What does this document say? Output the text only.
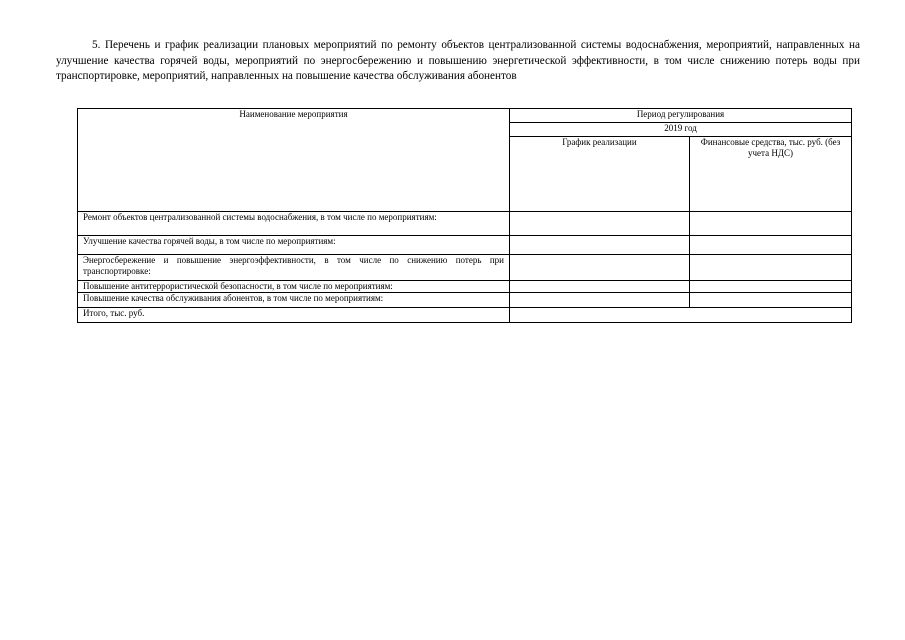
5. Перечень и график реализации плановых мероприятий по ремонту объектов централизованной системы водоснабжения, мероприятий, направленных на улучшение качества горячей воды, мероприятий по энергосбережению и повышению энергетической эффективности, в том числе снижению потерь воды при транспортировке, мероприятий, направленных на повышение качества обслуживания абонентов
Наименование мероприятия	Период регулирования	
	2019 год	
	График реализации	Финансовые средства, тыс. руб. (без учета НДС)
Ремонт объектов централизованной системы водоснабжения, в том числе по мероприятиям:		
Улучшение качества горячей воды, в том числе по мероприятиям:		
Энергосбережение и повышение энергоэффективности, в том числе по снижению потерь при транспортировке:		
Повышение антитеррористической безопасности, в том числе по мероприятиям:		
Повышение качества обслуживания абонентов, в том числе по мероприятиям:		
Итого, тыс. руб.		
